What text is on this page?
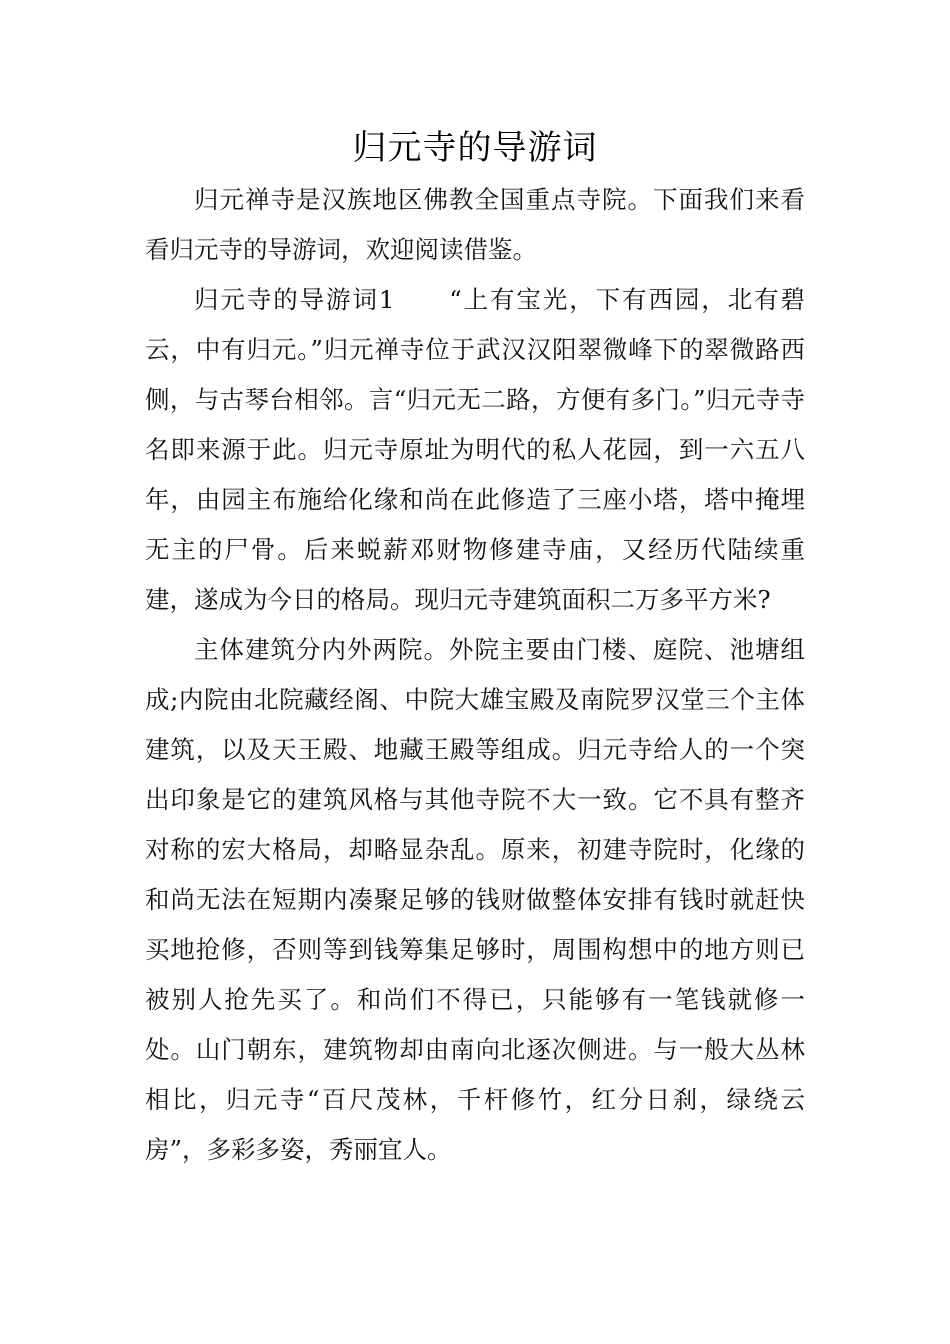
归元寺的导游词

归元禅寺是汉族地区佛教全国重点寺院。下面我们来看看归元寺的导游词，欢迎阅读借鉴。

归元寺的导游词1　　 “上有宝光，下有西园，北有碧云，中有归元。”归元禅寺位于武汉汉阳翠微峰下的翠微路西侧，与古琴台相邻。言“归元无二路，方便有多门。”归元寺寺名即来源于此。归元寺原址为明代的私人花园，到一六五八年，由园主布施给化缘和尚在此修造了三座小塔，塔中掩埋无主的尸骨。后来蜕薪邓财物修建寺庙，又经历代陆续重建，遂成为今日的格局。现归元寺建筑面积二万多平方米?

主体建筑分内外两院。外院主要由门楼、庭院、池塘组成;内院由北院藏经阁、中院大雄宝殿及南院罗汉堂三个主体建筑，以及天王殿、地藏王殿等组成。归元寺给人的一个突出印象是它的建筑风格与其他寺院不大一致。它不具有整齐对称的宏大格局，却略显杂乱。原来，初建寺院时，化缘的和尚无法在短期内凑聚足够的钱财做整体安排有钱时就赶快买地抢修，否则等到钱筹集足够时，周围构想中的地方则已被别人抢先买了。和尚们不得已，只能够有一笔钱就修一处。山门朝东，建筑物却由南向北逐次侧进。与一般大丛林相比，归元寺“百尺茂林，千杆修竹，红分日刹，绿绕云房”，多彩多姿，秀丽宜人。
